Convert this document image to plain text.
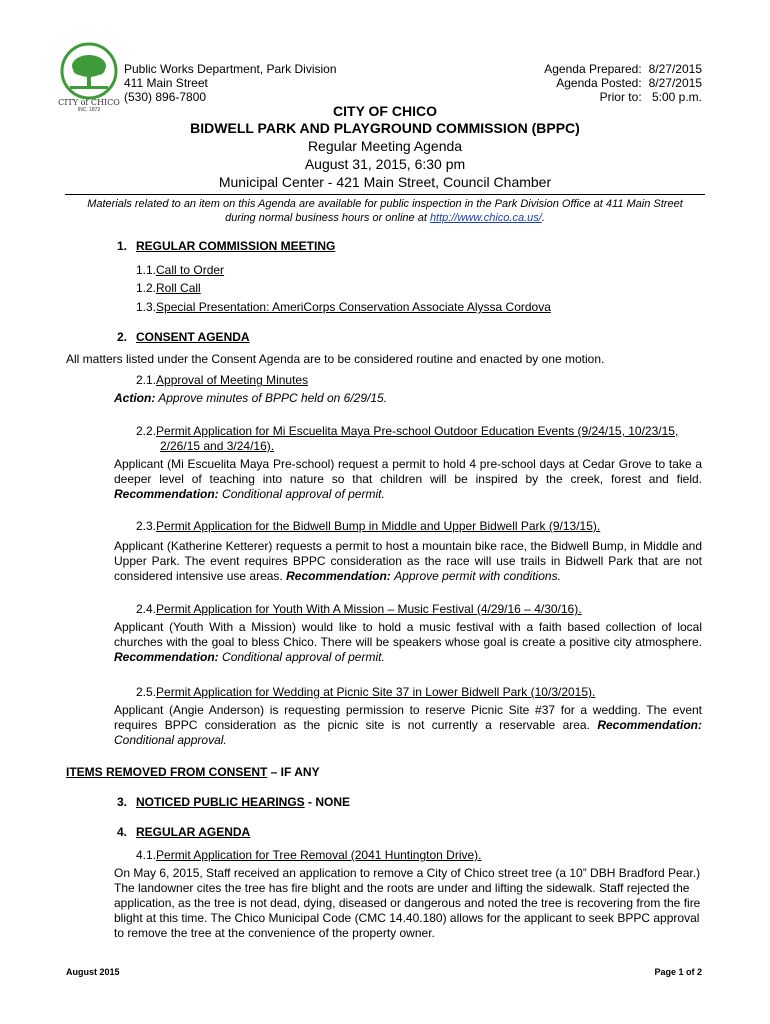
CITY of CHICO
INC. 1872
Public Works Department, Park Division
411 Main Street
(530) 896-7800
Agenda Prepared: 8/27/2015
Agenda Posted: 8/27/2015
Prior to: 5:00 p.m.
CITY OF CHICO
BIDWELL PARK AND PLAYGROUND COMMISSION (BPPC)
Regular Meeting Agenda
August 31, 2015, 6:30 pm
Municipal Center - 421 Main Street, Council Chamber
Materials related to an item on this Agenda are available for public inspection in the Park Division Office at 411 Main Street
during normal business hours or online at http://www.chico.ca.us/.
1. REGULAR COMMISSION MEETING
1.1.Call to Order
1.2.Roll Call
1.3.Special Presentation: AmeriCorps Conservation Associate Alyssa Cordova
2. CONSENT AGENDA
All matters listed under the Consent Agenda are to be considered routine and enacted by one motion.
2.1.Approval of Meeting Minutes
Action: Approve minutes of BPPC held on 6/29/15.
2.2.Permit Application for Mi Escuelita Maya Pre-school Outdoor Education Events (9/24/15, 10/23/15,
2/26/15 and 3/24/16).
Applicant (Mi Escuelita Maya Pre-school) request a permit to hold 4 pre-school days at Cedar Grove to take a deeper level of teaching into nature so that children will be inspired by the creek, forest and field. Recommendation: Conditional approval of permit.
2.3.Permit Application for the Bidwell Bump in Middle and Upper Bidwell Park (9/13/15).
Applicant (Katherine Ketterer) requests a permit to host a mountain bike race, the Bidwell Bump, in Middle and Upper Park. The event requires BPPC consideration as the race will use trails in Bidwell Park that are not considered intensive use areas. Recommendation: Approve permit with conditions.
2.4.Permit Application for Youth With A Mission – Music Festival (4/29/16 – 4/30/16).
Applicant (Youth With a Mission) would like to hold a music festival with a faith based collection of local churches with the goal to bless Chico. There will be speakers whose goal is create a positive city atmosphere. Recommendation: Conditional approval of permit.
2.5.Permit Application for Wedding at Picnic Site 37 in Lower Bidwell Park (10/3/2015).
Applicant (Angie Anderson) is requesting permission to reserve Picnic Site #37 for a wedding. The event requires BPPC consideration as the picnic site is not currently a reservable area. Recommendation: Conditional approval.
ITEMS REMOVED FROM CONSENT – IF ANY
3. NOTICED PUBLIC HEARINGS - NONE
4. REGULAR AGENDA
4.1.Permit Application for Tree Removal (2041 Huntington Drive).
On May 6, 2015, Staff received an application to remove a City of Chico street tree (a 10” DBH Bradford Pear.) The landowner cites the tree has fire blight and the roots are under and lifting the sidewalk. Staff rejected the application, as the tree is not dead, dying, diseased or dangerous and noted the tree is recovering from the fire blight at this time. The Chico Municipal Code (CMC 14.40.180) allows for the applicant to seek BPPC approval to remove the tree at the convenience of the property owner.
August 2015	Page 1 of 2
